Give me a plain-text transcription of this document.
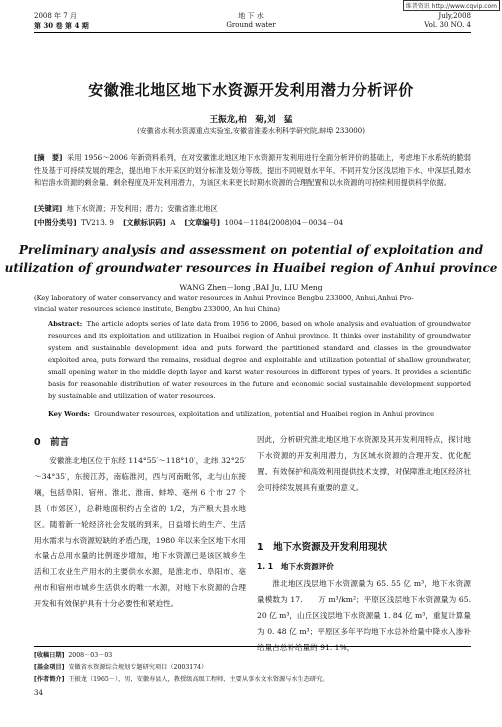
维普资讯 http://www.cqvip.com
2008 年 7 月
第 30 卷 第 4 期
地 下 水
Ground water
July,2008
Vol. 30 NO. 4
安徽淮北地区地下水资源开发利用潜力分析评价
王振龙,柏　菊,刘　猛
(安徽省水利水资源重点实验室,安徽省淮委水利科学研究院,蚌埠 233000)
[摘　要] 采用 1956～2006 年新资料系列，在对安徽淮北地区地下水资源开发利用进行全面分析评价的基础上，考虑地下水系统的脆弱性及基于可持续发展的理念，提出地下水开采区的划分标准及划分等级，提出不同规划水平年、不同开发分区浅层地下水、中深层孔隙水和岩溶水资源的剩余量、剩余程度及开发利用潜力，为该区未来更长时期水资源的合理配置和以水资源的可持续利用提供科学依据。
[关键词] 地下水资源；开发利用；潜力；安徽省淮北地区
[中图分类号] TV213. 9 [文献标识码] A [文章编号] 1004－1184(2008)04－0034－04
Preliminary analysis and assessment on potential of exploitation and
utilization of groundwater resources in Huaibei region of Anhui province
WANG Zhen－long ,BAI Ju, LIU Meng
(Key laboratory of water conservancy and water resources in Anhui Province Bengbu 233000, Anhui,Anhui Pro-
vincial water resources science institute, Bengbu 233000, An hui China)
Abstract: The article adopts series of late data from 1956 to 2006, based on whole analysis and evaluation of groundwater resources and its exploitation and utilization in Huaibei region of Anhui province. It thinks over instability of groundwater system and sustainable development idea and puts forward the partitioned standard and classes in the groundwater exploited area, puts forward the remains, residual degree and exploitable and utilization potential of shallow groundwater, small opening water in the middle depth layer and karst water resources in different types of years. It provides a scientific basis for reasonable distribution of water resources in the future and economic social sustainable development supported by sustainable and utilization of water resources.
Key Words: Groundwater resources, exploitation and utilization, potential and Huaibei region in Anhui province
0　前言
安徽淮北地区位于东经 114°55′～118°10′，北纬 32°25′～34°35′，东接江苏，南临淮河，西与河南毗邻，北与山东接壤，包括阜阳、宿州、淮北、淮南、蚌埠、亳州 6 个市 27 个县（市郊区），总耕地面积约占全省的 1/2，为产粮大县水地区。随着新一轮经济社会发展的到来，日益增长的生产、生活用水需求与水资源短缺的矛盾凸现，1980 年以来全区地下水用水量占总用水量的比例逐步增加，地下水资源已是该区城乡生活和工农业生产用水的主要供水水源，是淮北市、阜阳市、亳州市和宿州市城乡生活供水的唯一水源，对地下水资源的合理开发和有效保护具有十分必要性和紧迫性。
因此，分析研究淮北地区地下水资源及其开发利用特点，探讨地下水资源的开发利用潜力，为区域水资源的合理开发、优化配置、有效保护和高效利用提供技术支撑，对保障淮北地区经济社会可持续发展具有重要的意义。
1　地下水资源及开发利用现状
1. 1　地下水资源评价
淮北地区浅层地下水资源量为 65. 55 亿 m³，地下水资源量模数为 17.　　万 m³/km²；平原区浅层地下水资源量为 65. 20 亿 m³，山丘区浅层地下水资源量 1. 84 亿 m³，重复计算量为 0. 48 亿 m³；平原区多年平均地下水总补给量中降水入渗补给量占总补给量的 91. 1%，
[收稿日期] 2008－03－03
[基金项目] 安徽省水资源综合规划专题研究项目（2003174）
[作者简介] 王振龙（1965－），男，安徽寿县人，教授级高级工程师，主要从事水文水资源与水生态研究。
34
